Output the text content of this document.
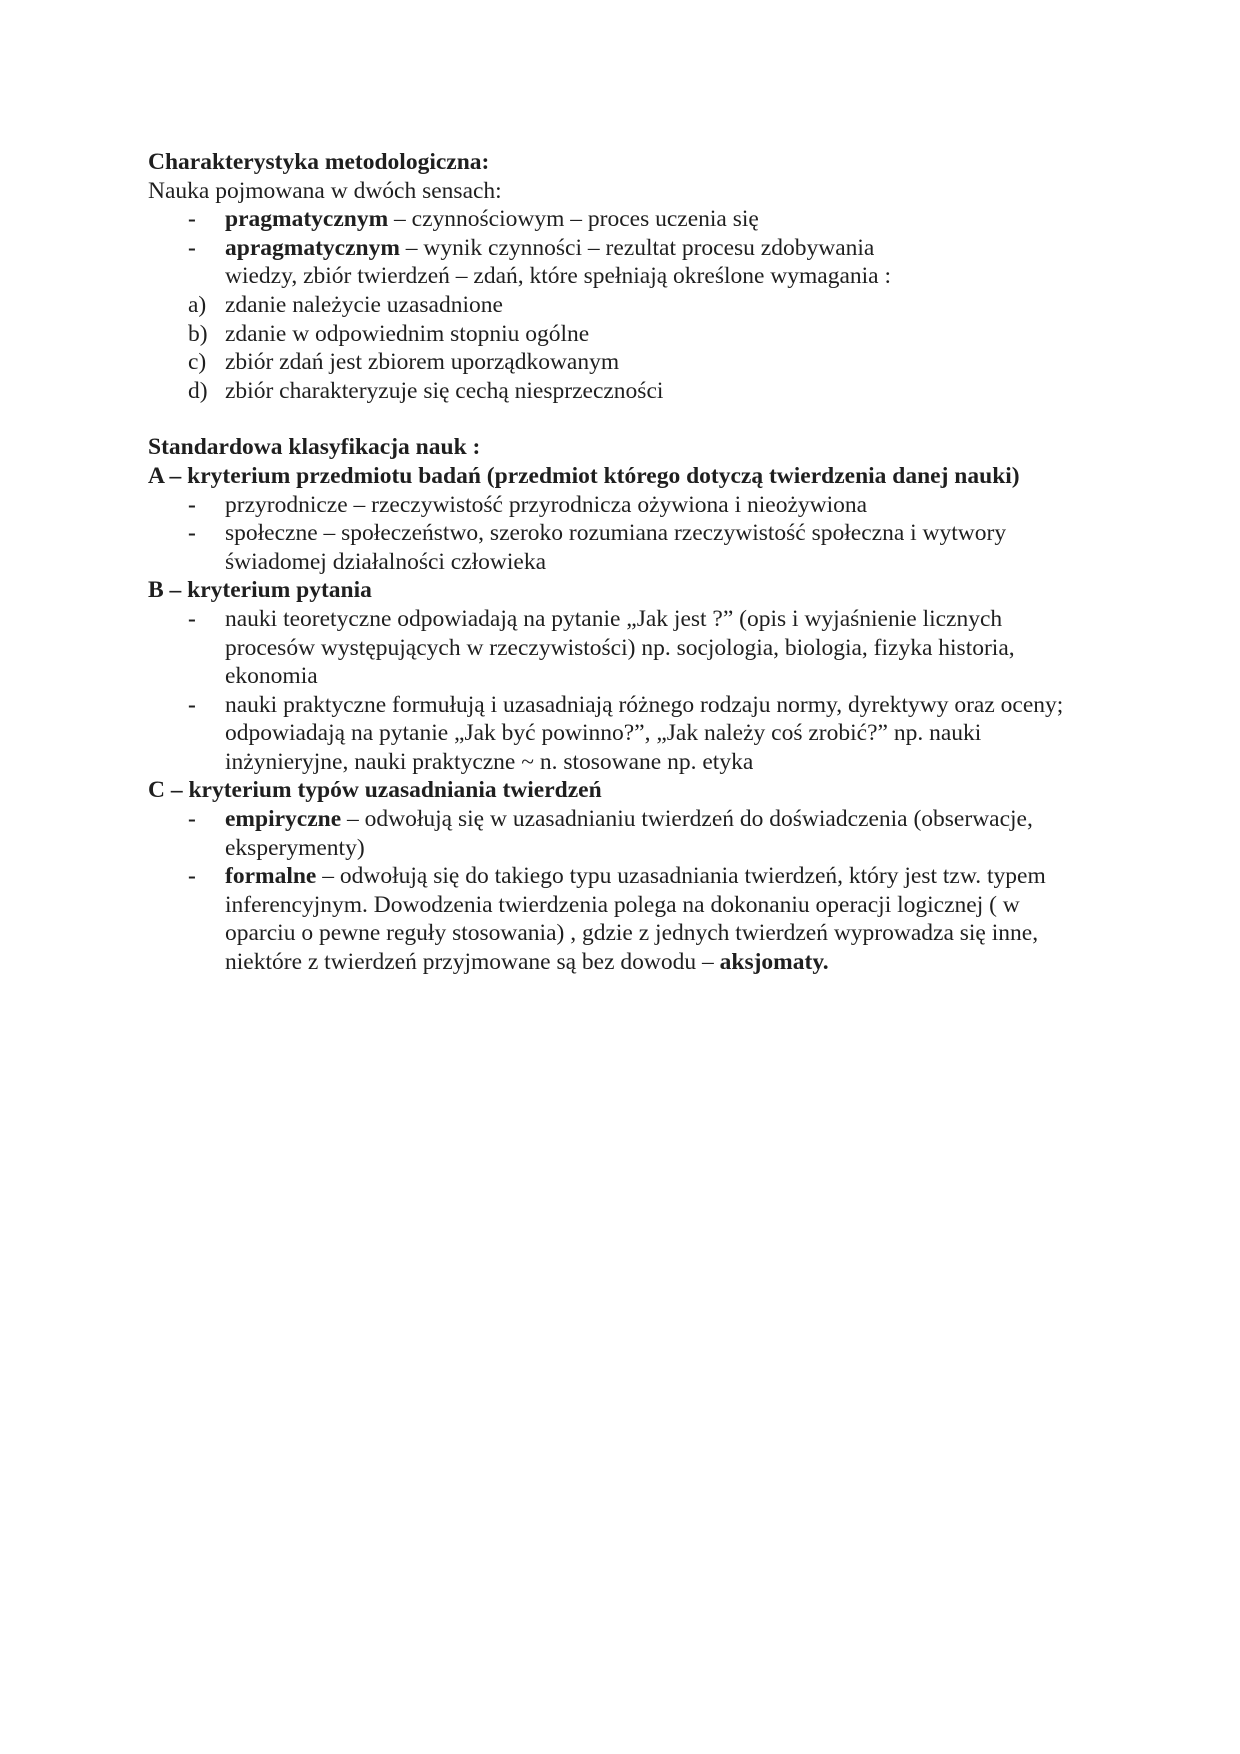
Charakterystyka metodologiczna:

Nauka pojmowana w dwóch sensach:

-	pragmatycznym – czynnościowym – proces uczenia się
-	apragmatycznym – wynik czynności – rezultat procesu zdobywania wiedzy, zbiór twierdzeń – zdań, które spełniają określone wymagania :
a) zdanie należycie uzasadnione
b) zdanie w odpowiednim stopniu ogólne
c) zbiór zdań jest zbiorem uporządkowanym
d) zbiór charakteryzuje się cechą niesprzeczności

Standardowa klasyfikacja nauk :

A – kryterium przedmiotu badań (przedmiot którego dotyczą twierdzenia danej nauki)

-	przyrodnicze – rzeczywistość przyrodnicza ożywiona i nieożywiona
-	społeczne – społeczeństwo, szeroko rozumiana rzeczywistość społeczna i wytwory świadomej działalności człowieka

B – kryterium pytania

-	nauki teoretyczne odpowiadają na pytanie „Jak jest ?” (opis i wyjaśnienie licznych procesów występujących w rzeczywistości) np. socjologia, biologia, fizyka historia, ekonomia
-	nauki praktyczne formułują i uzasadniają różnego rodzaju normy, dyrektywy oraz oceny; odpowiadają na pytanie „Jak być powinno?”, „Jak należy coś zrobić?” np. nauki inżynieryjne, nauki praktyczne ~ n. stosowane np. etyka

C – kryterium typów uzasadniania twierdzeń

-	empiryczne – odwołują się w uzasadnianiu twierdzeń do doświadczenia (obserwacje, eksperymenty)
-	formalne – odwołują się do takiego typu uzasadniania twierdzeń, który jest tzw. typem inferencyjnym. Dowodzenia twierdzenia polega na dokonaniu operacji logicznej ( w oparciu o pewne reguły stosowania) , gdzie z jednych twierdzeń wyprowadza się inne, niektóre z twierdzeń przyjmowane są bez dowodu – aksjomaty.
